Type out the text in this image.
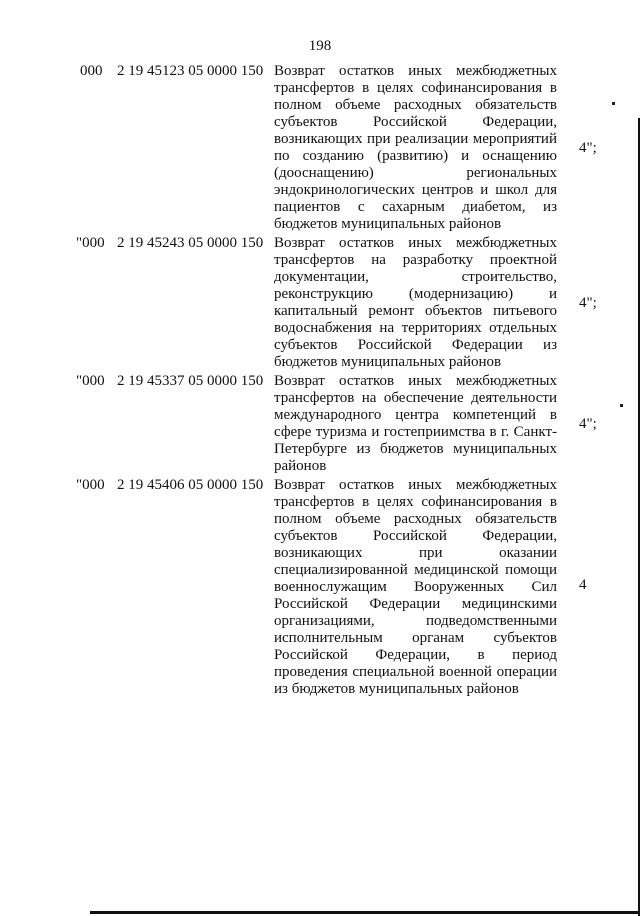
198
000 2 19 45123 05 0000 150 Возврат остатков иных межбюджетных трансфертов в целях софинансирования в полном объеме расходных обязательств субъектов Российской Федерации, возникающих при реализации мероприятий по созданию (развитию) и оснащению (дооснащению) региональных эндокринологических центров и школ для пациентов с сахарным диабетом, из бюджетов муниципальных районов
4";
"000 2 19 45243 05 0000 150 Возврат остатков иных межбюджетных трансфертов на разработку проектной документации, строительство, реконструкцию (модернизацию) и капитальный ремонт объектов питьевого водоснабжения на территориях отдельных субъектов Российской Федерации из бюджетов муниципальных районов
4";
"000 2 19 45337 05 0000 150 Возврат остатков иных межбюджетных трансфертов на обеспечение деятельности международного центра компетенций в сфере туризма и гостеприимства в г. Санкт-Петербурге из бюджетов муниципальных районов
4";
"000 2 19 45406 05 0000 150 Возврат остатков иных межбюджетных трансфертов в целях софинансирования в полном объеме расходных обязательств субъектов Российской Федерации, возникающих при оказании специализированной медицинской помощи военнослужащим Вооруженных Сил Российской Федерации медицинскими организациями, подведомственными исполнительным органам субъектов Российской Федерации, в период проведения специальной военной операции из бюджетов муниципальных районов
4
